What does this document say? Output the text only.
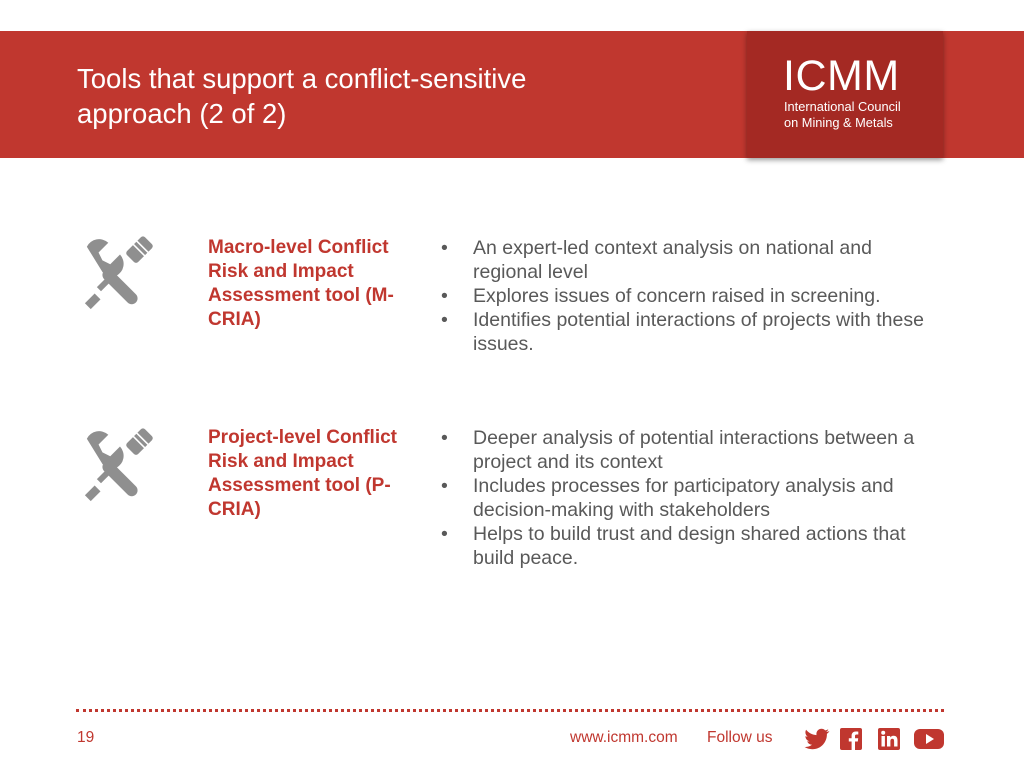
Tools that support a conflict-sensitive
approach (2 of 2)
ICMM
International Council
on Mining & Metals
Macro-level Conflict Risk and Impact Assessment tool (M-CRIA)
• An expert-led context analysis on national and regional level
• Explores issues of concern raised in screening.
• Identifies potential interactions of projects with these issues.
Project-level Conflict Risk and Impact Assessment tool (P-CRIA)
• Deeper analysis of potential interactions between a project and its context
• Includes processes for participatory analysis and decision-making with stakeholders
• Helps to build trust and design shared actions that build peace.
19	www.icmm.com Follow us
